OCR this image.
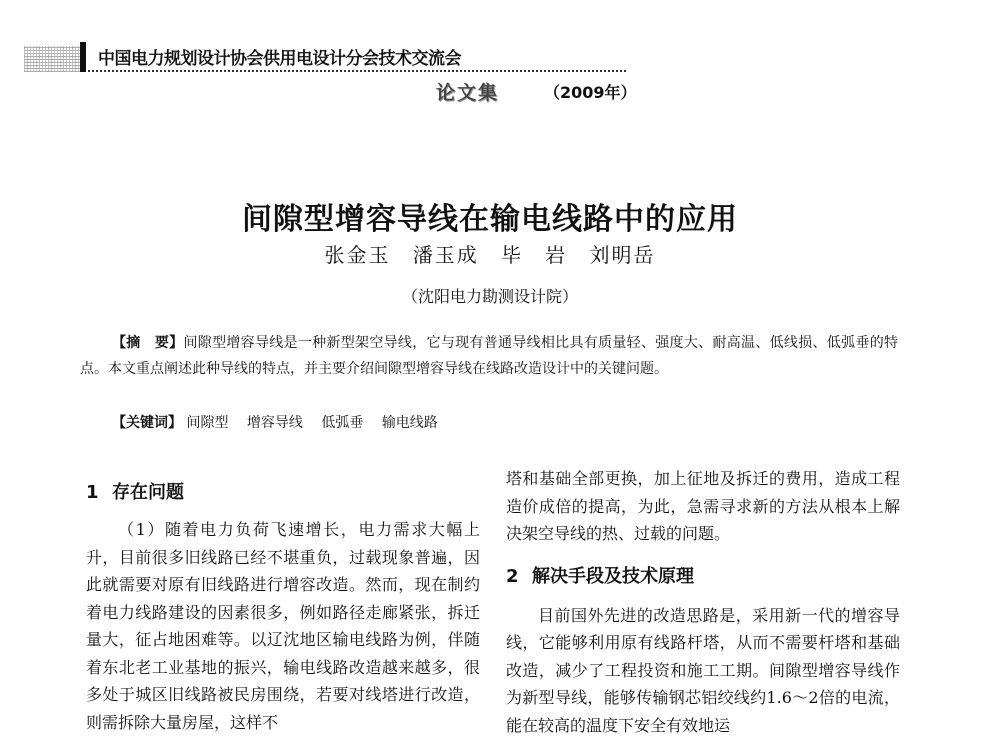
中国电力规划设计协会供用电设计分会技术交流会
论文集	（2009年）
间隙型增容导线在输电线路中的应用
张金玉 潘玉成 毕　岩 刘明岳
（沈阳电力勘测设计院）
【摘　要】间隙型增容导线是一种新型架空导线，它与现有普通导线相比具有质量轻、强度大、耐高温、低线损、低弧垂的特点。本文重点阐述此种导线的特点，并主要介绍间隙型增容导线在线路改造设计中的关键问题。
【关键词】 间隙型 增容导线 低弧垂 输电线路
1 存在问题

（1）随着电力负荷飞速增长，电力需求大幅上升，目前很多旧线路已经不堪重负，过载现象普遍，因此就需要对原有旧线路进行增容改造。然而，现在制约着电力线路建设的因素很多，例如路径走廊紧张，拆迁量大，征占地困难等。以辽沈地区输电线路为例，伴随着东北老工业基地的振兴，输电线路改造越来越多，很多处于城区旧线路被民房围绕，若要对线塔进行改造，则需拆除大量房屋，这样不

塔和基础全部更换，加上征地及拆迁的费用，造成工程造价成倍的提高，为此，急需寻求新的方法从根本上解决架空导线的热、过载的问题。

2 解决手段及技术原理

目前国外先进的改造思路是，采用新一代的增容导线，它能够利用原有线路杆塔，从而不需要杆塔和基础改造，减少了工程投资和施工工期。间隙型增容导线作为新型导线，能够传输钢芯铝绞线约1.6～2倍的电流，能在较高的温度下安全有效地运
